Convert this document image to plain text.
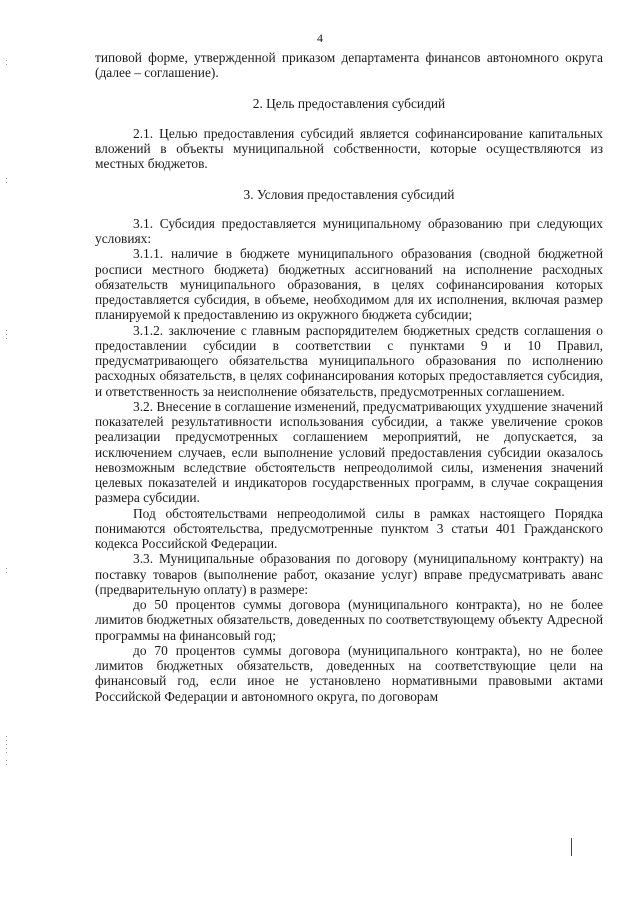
4

типовой форме, утвержденной приказом департамента финансов автономного округа (далее – соглашение).

2. Цель предоставления субсидий

2.1. Целью предоставления субсидий является софинансирование капитальных вложений в объекты муниципальной собственности, которые осуществляются из местных бюджетов.

3. Условия предоставления субсидий

3.1. Субсидия предоставляется муниципальному образованию при следующих условиях:

3.1.1. наличие в бюджете муниципального образования (сводной бюджетной росписи местного бюджета) бюджетных ассигнований на исполнение расходных обязательств муниципального образования, в целях софинансирования которых предоставляется субсидия, в объеме, необходимом для их исполнения, включая размер планируемой к предоставлению из окружного бюджета субсидии;

3.1.2. заключение с главным распорядителем бюджетных средств соглашения о предоставлении субсидии в соответствии с пунктами 9 и 10 Правил, предусматривающего обязательства муниципального образования по исполнению расходных обязательств, в целях софинансирования которых предоставляется субсидия, и ответственность за неисполнение обязательств, предусмотренных соглашением.

3.2. Внесение в соглашение изменений, предусматривающих ухудшение значений показателей результативности использования субсидии, а также увеличение сроков реализации предусмотренных соглашением мероприятий, не допускается, за исключением случаев, если выполнение условий предоставления субсидии оказалось невозможным вследствие обстоятельств непреодолимой силы, изменения значений целевых показателей и индикаторов государственных программ, в случае сокращения размера субсидии.

Под обстоятельствами непреодолимой силы в рамках настоящего Порядка понимаются обстоятельства, предусмотренные пунктом 3 статьи 401 Гражданского кодекса Российской Федерации.

3.3. Муниципальные образования по договору (муниципальному контракту) на поставку товаров (выполнение работ, оказание услуг) вправе предусматривать аванс (предварительную оплату) в размере:

до 50 процентов суммы договора (муниципального контракта), но не более лимитов бюджетных обязательств, доведенных по соответствующему объекту Адресной программы на финансовый год;

до 70 процентов суммы договора (муниципального контракта), но не более лимитов бюджетных обязательств, доведенных на соответствующие цели на финансовый год, если иное не установлено нормативными правовыми актами Российской Федерации и автономного округа, по договорам
